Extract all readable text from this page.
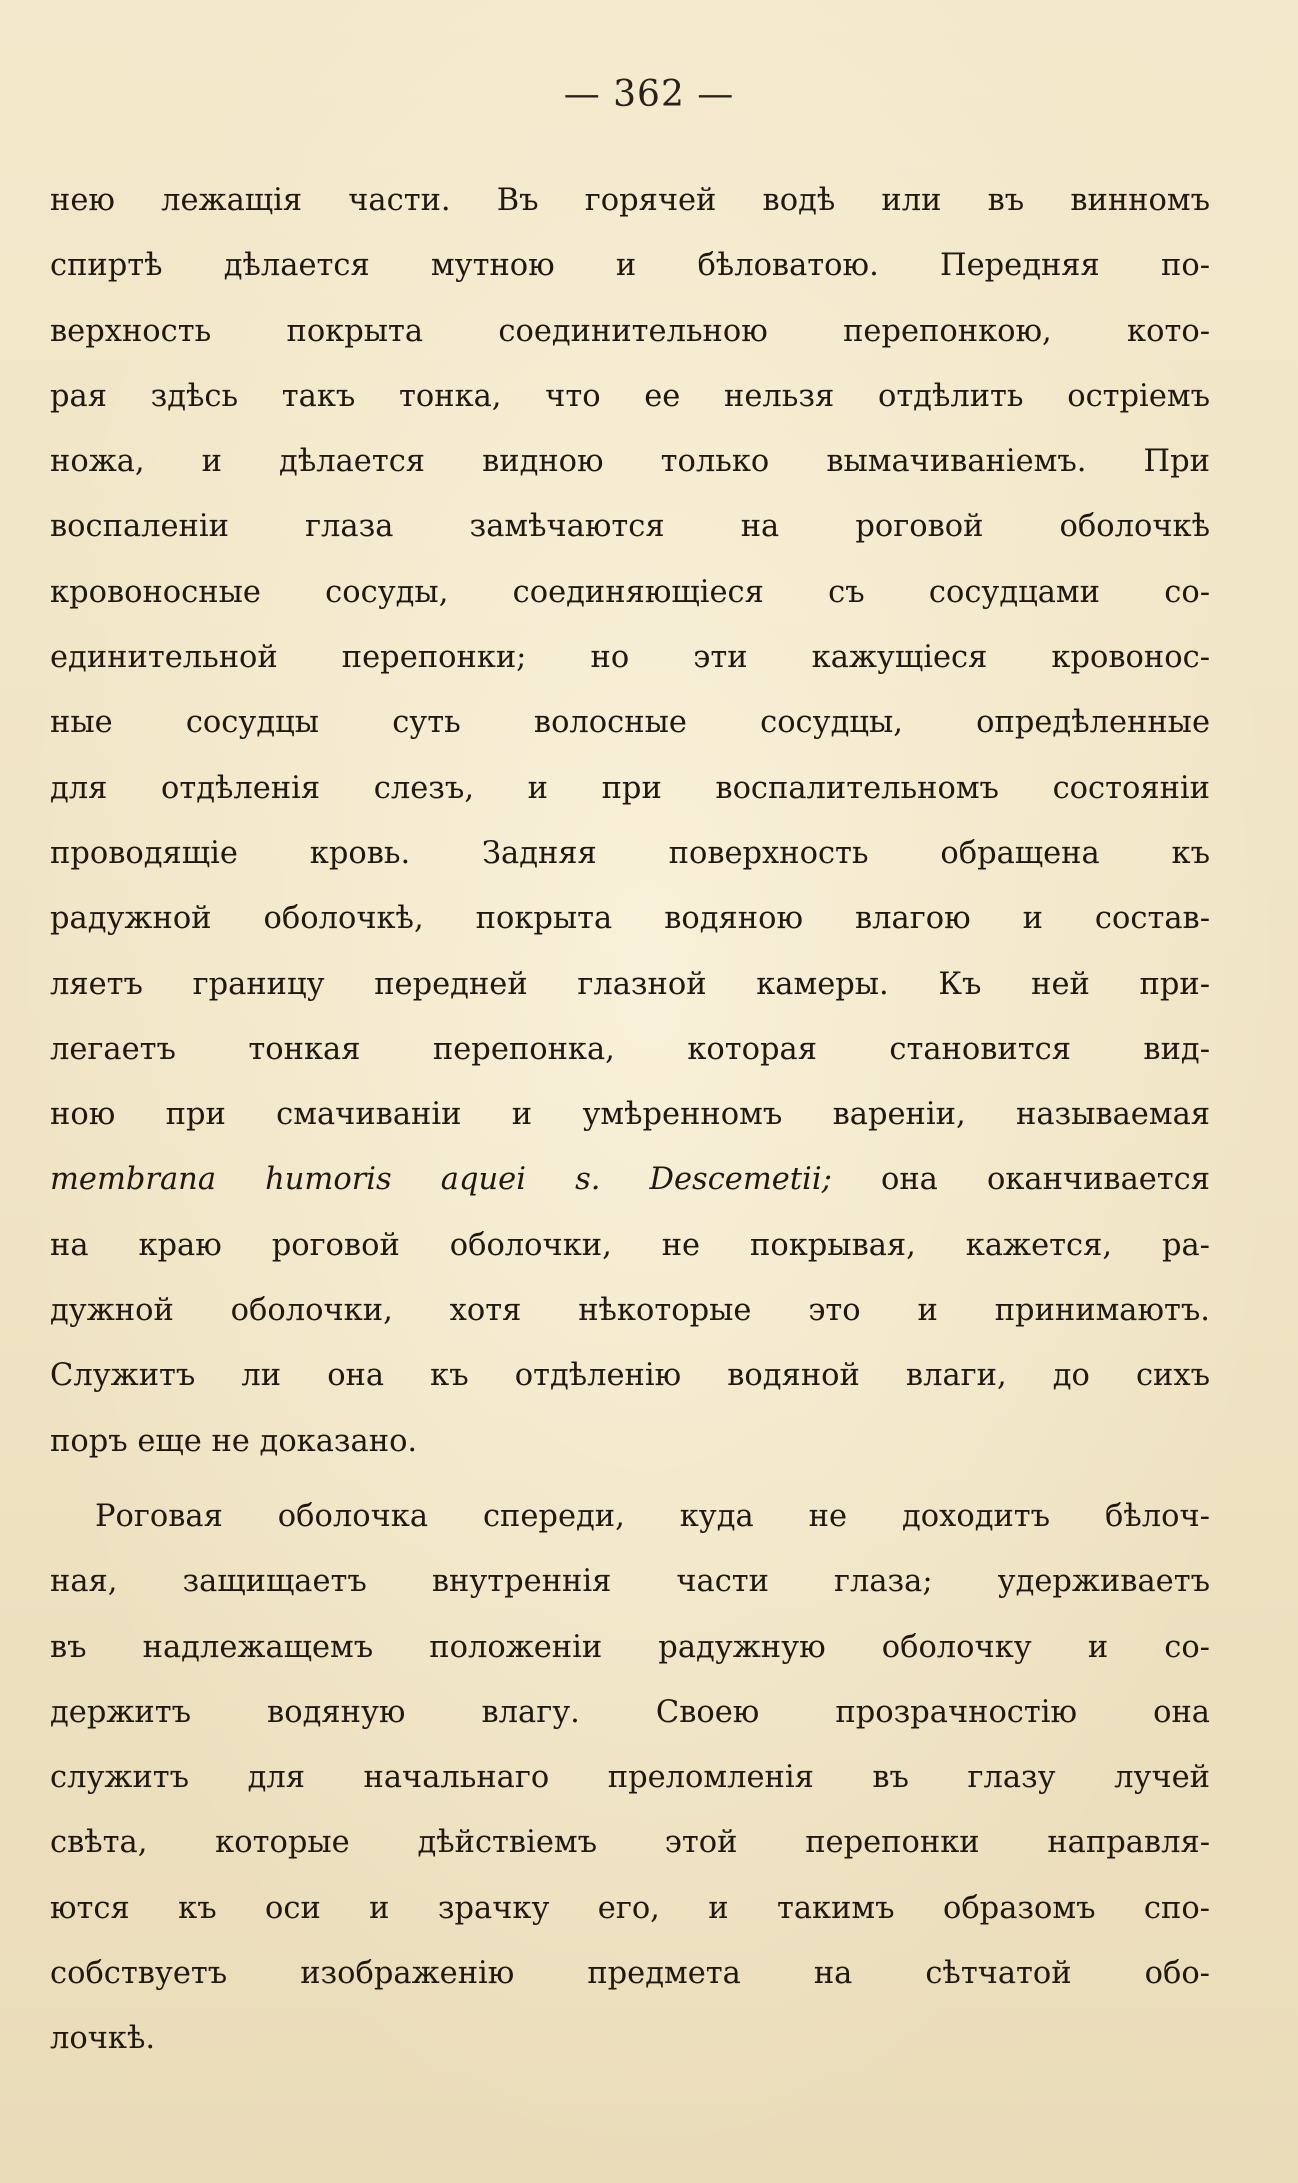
— 362 —
нею лежащія части. Въ горячей водѣ или въ винномъ
спиртѣ дѣлается мутною и бѣловатою. Передняя по-
верхность покрыта соединительною перепонкою, кото-
рая здѣсь такъ тонка, что ее нельзя отдѣлить остріемъ
ножа, и дѣлается видною только вымачиваніемъ. При
воспаленіи глаза замѣчаются на роговой оболочкѣ
кровоносные сосуды, соединяющіеся съ сосудцами со-
единительной перепонки; но эти кажущіеся кровонос-
ные сосудцы суть волосные сосудцы, опредѣленные
для отдѣленія слезъ, и при воспалительномъ состояніи
проводящіе кровь. Задняя поверхность обращена къ
радужной оболочкѣ, покрыта водяною влагою и состав-
ляетъ границу передней глазной камеры. Къ ней при-
легаетъ тонкая перепонка, которая становится вид-
ною при смачиваніи и умѣренномъ вареніи, называемая
membrana humoris aquei s. Descemetii; она оканчивается
на краю роговой оболочки, не покрывая, кажется, ра-
дужной оболочки, хотя нѣкоторые это и принимаютъ.
Служитъ ли она къ отдѣленію водяной влаги, до сихъ
поръ еще не доказано.
Роговая оболочка спереди, куда не доходитъ бѣлоч-
ная, защищаетъ внутреннія части глаза; удерживаетъ
въ надлежащемъ положеніи радужную оболочку и со-
держитъ водяную влагу. Своею прозрачностію она
служитъ для начальнаго преломленія въ глазу лучей
свѣта, которые дѣйствіемъ этой перепонки направля-
ются къ оси и зрачку его, и такимъ образомъ спо-
собствуетъ изображенію предмета на сѣтчатой обо-
лочкѣ.
